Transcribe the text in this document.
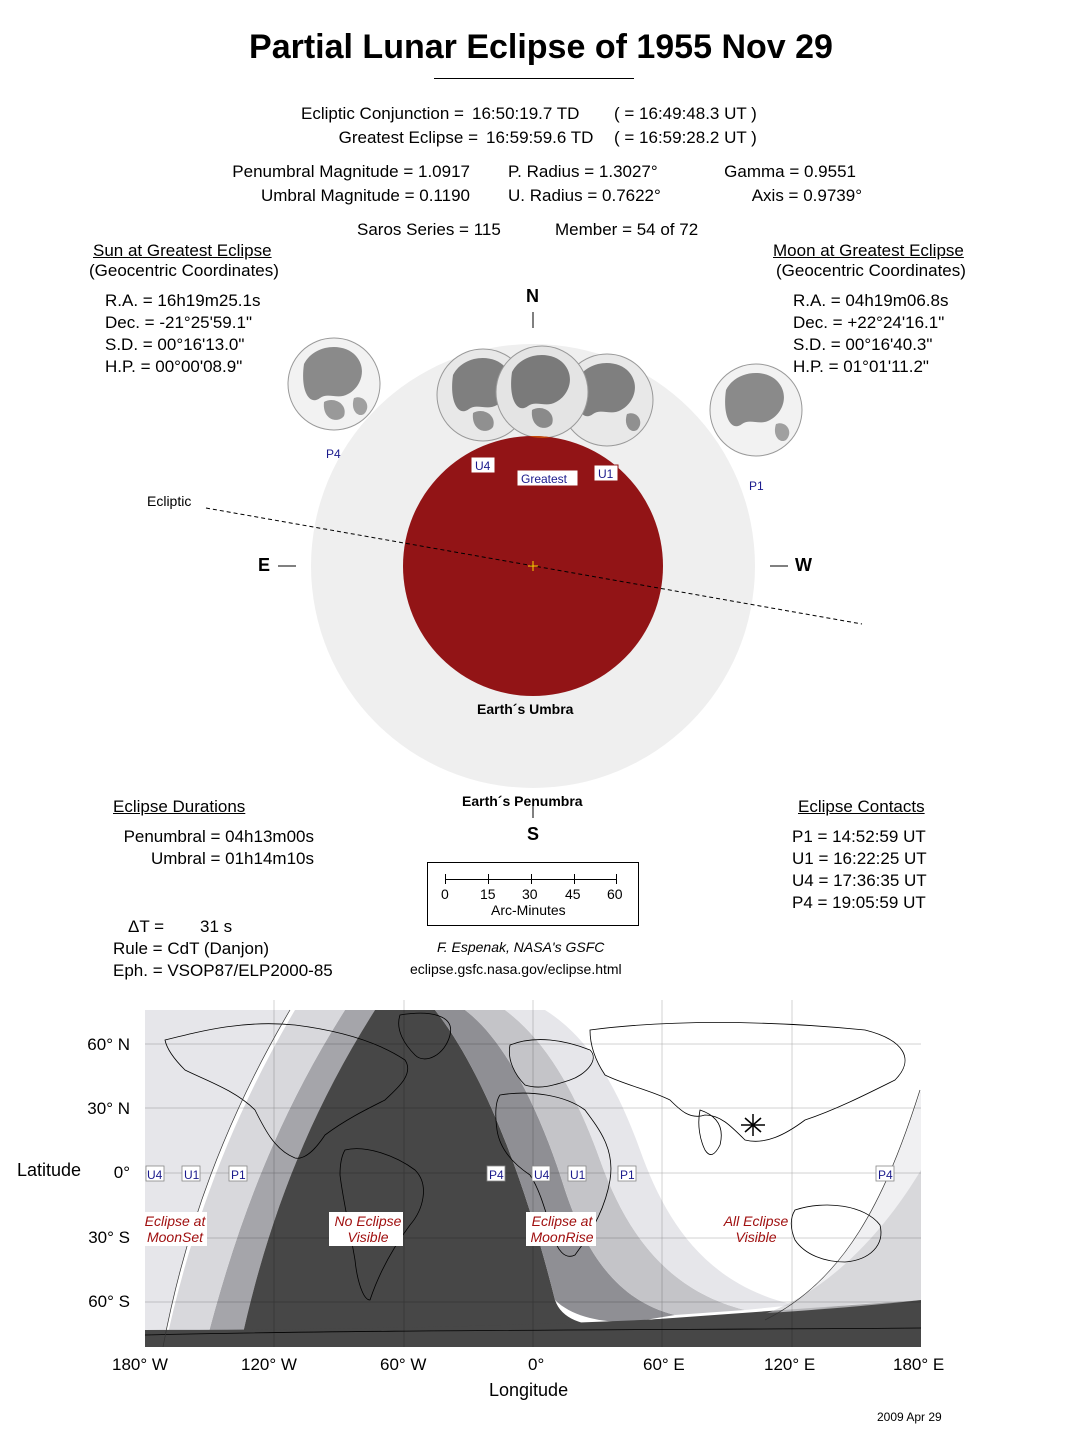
Partial Lunar Eclipse of 1955 Nov 29
Ecliptic Conjunction = 16:50:19.7 TD ( = 16:49:48.3 UT )
Greatest Eclipse = 16:59:59.6 TD ( = 16:59:28.2 UT )
Penumbral Magnitude = 1.0917
Umbral Magnitude = 0.1190
P. Radius = 1.3027°
U. Radius = 0.7622°
Gamma = 0.9551
Axis = 0.9739°
Saros Series = 115	Member = 54 of 72
Sun at Greatest Eclipse
(Geocentric Coordinates)
R.A. = 16h19m25.1s
Dec. = -21°25'59.1"
S.D. = 00°16'13.0"
H.P. = 00°00'08.9"
Moon at Greatest Eclipse
(Geocentric Coordinates)
R.A. = 04h19m06.8s
Dec. = +22°24'16.1"
S.D. = 00°16'40.3"
H.P. = 01°01'11.2"
N
S
E	W
Ecliptic
Earth´s Umbra
Earth´s Penumbra
P4
U4
Greatest	U1
P1
Eclipse Durations
Penumbral = 04h13m00s
Umbral = 01h14m10s
Eclipse Contacts
P1 = 14:52:59 UT
U1 = 16:22:25 UT
U4 = 17:36:35 UT
P4 = 19:05:59 UT
0 15 30 45 60
Arc-Minutes
ΔT = 31 s
Rule = CdT (Danjon)
Eph. = VSOP87/ELP2000-85
F. Espenak, NASA's GSFC
eclipse.gsfc.nasa.gov/eclipse.html
U4 U1	P1	P4	U4 U1	P1	P4
Eclipse at
MoonSet
No Eclipse
Visible
Eclipse at
MoonRise
All Eclipse
Visible
60° N
30° N
0°
30° S
60° S
Latitude
180° W	120° W	60° W	0°	60° E	120° E	180° E
Longitude
2009 Apr 29
